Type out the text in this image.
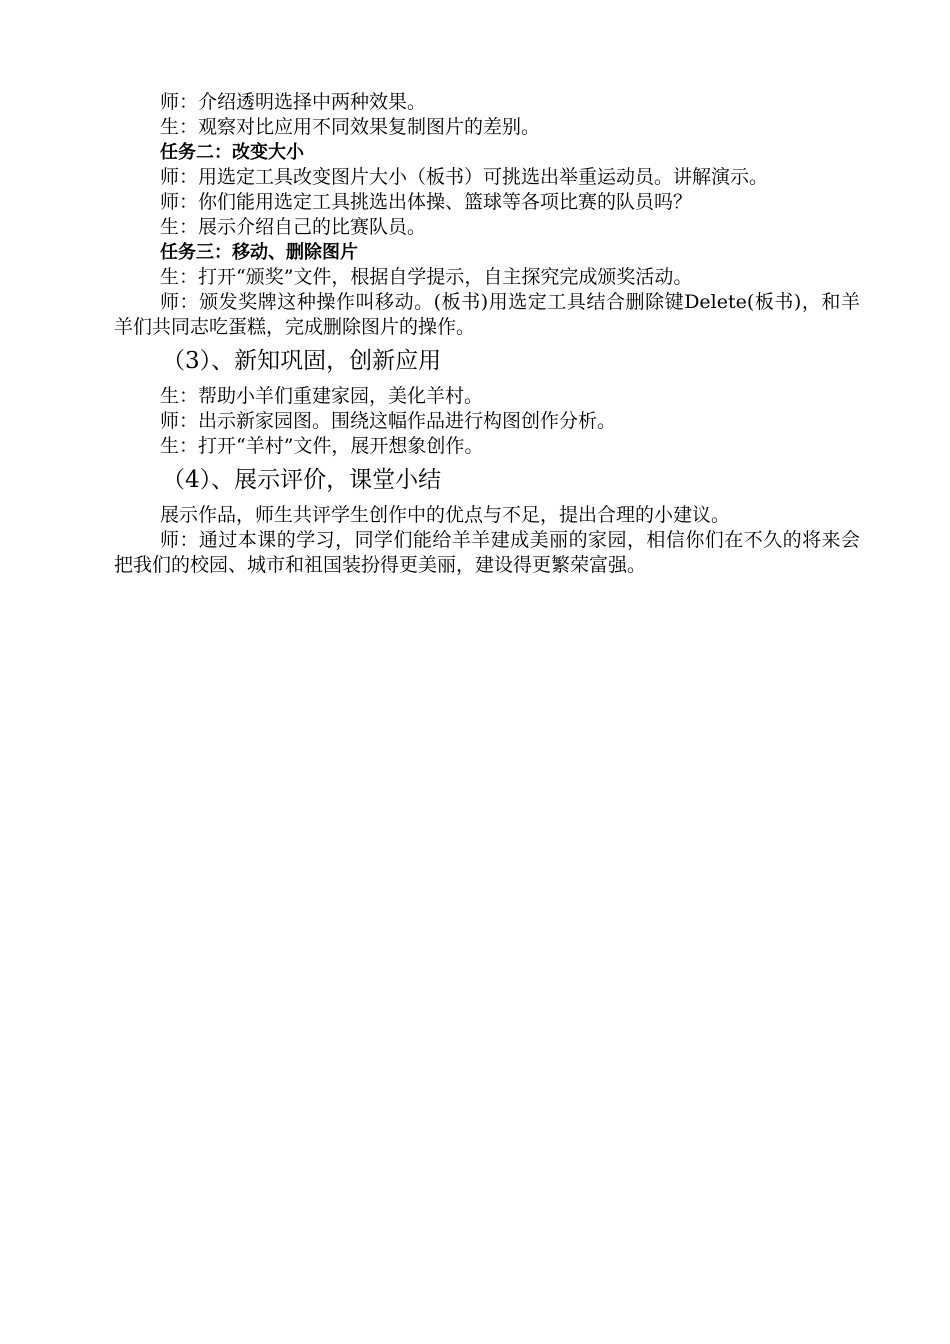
师：介绍透明选择中两种效果。

生：观察对比应用不同效果复制图片的差别。

任务二：改变大小

师：用选定工具改变图片大小（板书）可挑选出举重运动员。讲解演示。

师：你们能用选定工具挑选出体操、篮球等各项比赛的队员吗？

生：展示介绍自己的比赛队员。

任务三：移动、删除图片

生：打开“颁奖”文件，根据自学提示，自主探究完成颁奖活动。

师：颁发奖牌这种操作叫移动。(板书)用选定工具结合删除键Delete(板书)，和羊羊们共同志吃蛋糕，完成删除图片的操作。

（3）、新知巩固，创新应用

生：帮助小羊们重建家园，美化羊村。

师：出示新家园图。围绕这幅作品进行构图创作分析。

生：打开“羊村”文件，展开想象创作。

（4）、展示评价，课堂小结

展示作品，师生共评学生创作中的优点与不足，提出合理的小建议。

师：通过本课的学习，同学们能给羊羊建成美丽的家园，相信你们在不久的将来会把我们的校园、城市和祖国装扮得更美丽，建设得更繁荣富强。
